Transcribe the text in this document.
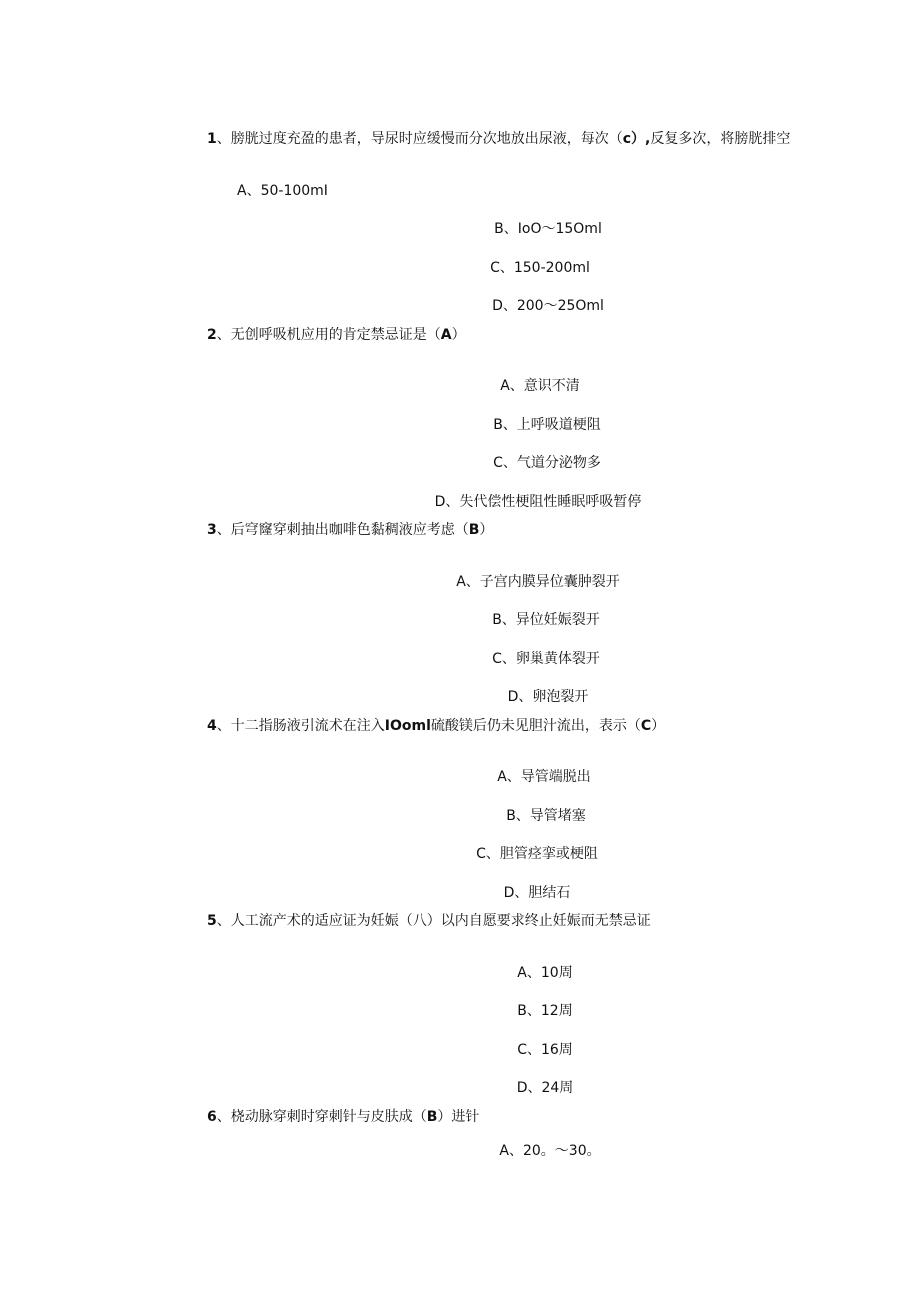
1、膀胱过度充盈的患者，导尿时应缓慢而分次地放出尿液，每次（c）,反复多次，将膀胱排空
A、50-100mI
B、IoO～15Oml
C、150-200ml
D、200～25Oml
2、无创呼吸机应用的肯定禁忌证是（A）
A、意识不清
B、上呼吸道梗阻
C、气道分泌物多
D、失代偿性梗阻性睡眠呼吸暂停
3、后穹窿穿刺抽出咖啡色黏稠液应考虑（B）
A、子宫内膜异位囊肿裂开
B、异位妊娠裂开
C、卵巢黄体裂开
D、卵泡裂开
4、十二指肠液引流术在注入IOoml硫酸镁后仍未见胆汁流出，表示（C）
A、导管端脱出
B、导管堵塞
C、胆管痉挛或梗阻
D、胆结石
5、人工流产术的适应证为妊娠（八）以内自愿要求终止妊娠而无禁忌证
A、10周
B、12周
C、16周
D、24周
6、桡动脉穿刺时穿刺针与皮肤成（B）进针
A、20。～30。
